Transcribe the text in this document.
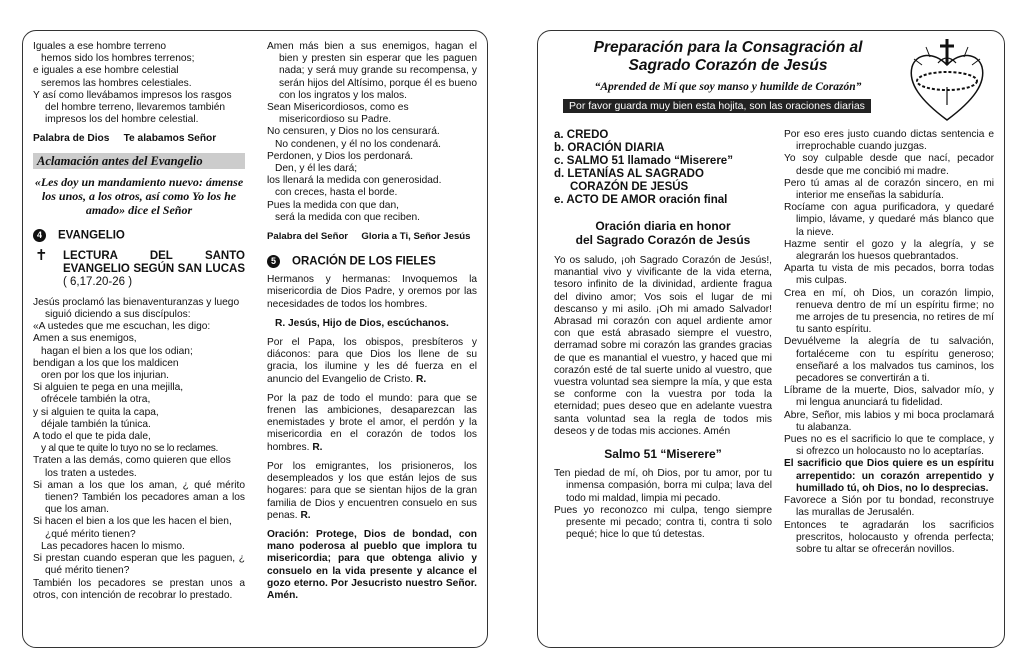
Iguales a ese hombre terreno

hemos sido los hombres terrenos;

e iguales a ese hombre celestial

seremos las hombres celestiales.

Y así como llevábamos impresos los rasgos del hombre terreno, llevaremos también impresos los del hombre celestial.

Palabra de Dios     Te alabamos Señor

Aclamación antes del Evangelio

«Les doy un mandamiento nuevo: ámense los unos, a los otros, así como Yo los he amado» dice el Señor

4 EVANGELIO
✝ LECTURA DEL SANTO EVANGELIO SEGÚN SAN LUCAS ( 6,17.20-26 )

Jesús proclamó las bienaventuranzas y luego siguió diciendo a sus discípulos:

«A ustedes que me escuchan, les digo:

Amen a sus enemigos,

hagan el bien a los que los odian;

bendigan a los que los maldicen

oren por los que los injurian.

Si alguien te pega en una mejilla,

ofrécele también la otra,

y si alguien te quita la capa,

déjale también la túnica.

A todo el que te pida dale,

y al que te quite lo tuyo no se lo reclames.

Traten a las demás, como quieren que ellos los traten a ustedes.

Si aman a los que los aman, ¿ qué mérito tienen? También los pecadores aman a los que los aman.

Si hacen el bien a los que les hacen el bien, ¿qué mérito tienen?

Las pecadores hacen lo mismo.

Si prestan cuando esperan que les paguen, ¿ qué mérito tienen?

También los pecadores se prestan unos a otros, con intención de recobrar lo prestado.

Amen más bien a sus enemigos, hagan el bien y presten sin esperar que les paguen nada; y será muy grande su recompensa, y serán hijos del Altísimo, porque él es bueno con los ingratos y los malos.

Sean Misericordiosos, como es misericordioso su Padre.

No censuren, y Dios no los censurará.

No condenen, y él no los condenará.

Perdonen, y Dios los perdonará.

Den, y él les dará;

los llenará la medida con generosidad.

con creces, hasta el borde.

Pues la medida con que dan,

será la medida con que reciben.

Palabra del Señor     Gloria a Ti, Señor Jesús

5 ORACIÓN DE LOS FIELES

Hermanos y hermanas: Invoquemos la misericordia de Dios Padre, y oremos por las necesidades de todos los hombres.

R. Jesús, Hijo de Dios, escúchanos.

Por el Papa, los obispos, presbíteros y diáconos: para que Dios los llene de su gracia, los ilumine y les dé fuerza en el anuncio del Evangelio de Cristo. R.

Por la paz de todo el mundo: para que se frenen las ambiciones, desaparezcan las enemistades y brote el amor, el perdón y la misericordia en el corazón de todos los hombres. R.

Por los emigrantes, los prisioneros, los desempleados y los que están lejos de sus hogares: para que se sientan hijos de la gran familia de Dios y encuentren consuelo en sus penas. R.

Oración: Protege, Dios de bondad, con mano poderosa al pueblo que implora tu misericordia; para que obtenga alivio y consuelo en la vida presente y alcance el gozo eterno. Por Jesucristo nuestro Señor. Amén.

Preparación para la Consagración al
Sagrado Corazón de Jesús
“Aprended de Mí que soy manso y humilde de Corazón”
Por favor guarda muy bien esta hojita, son las oraciones diarias
a. CREDO
b. ORACIÓN DIARIA
c. SALMO 51 llamado “Miserere”
d. LETANÍAS AL SAGRADO
CORAZÓN DE JESÚS
e. ACTO DE AMOR oración final
Oración diaria en honor
del Sagrado Corazón de Jesús

Yo os saludo, ¡oh Sagrado Corazón de Jesús!, manantial vivo y vivificante de la vida eterna, tesoro infinito de la divinidad, ardiente fragua del divino amor; Vos sois el lugar de mi descanso y mi asilo. ¡Oh mi amado Salvador! Abrasad mi corazón con aquel ardiente amor con que está abrasado siempre el vuestro, derramad sobre mi corazón las grandes gracias de que es manantial el vuestro, y haced que mi corazón esté de tal suerte unido al vuestro, que vuestra voluntad sea siempre la mía, y que esta se conforme con la vuestra por toda la eternidad; pues deseo que en adelante vuestra santa voluntad sea la regla de todos mis deseos y de todas mis acciones. Amén

Salmo 51 “Miserere”

Ten piedad de mí, oh Dios, por tu amor, por tu inmensa compasión, borra mi culpa; lava del todo mi maldad, limpia mi pecado.

Pues yo reconozco mi culpa, tengo siempre presente mi pecado; contra ti, contra ti solo pequé; hice lo que tú detestas.

Por eso eres justo cuando dictas sentencia e irreprochable cuando juzgas.

Yo soy culpable desde que nací, pecador desde que me concibió mi madre.

Pero tú amas al de corazón sincero, en mi interior me enseñas la sabiduría.

Rocíame con agua purificadora, y quedaré limpio, lávame, y quedaré más blanco que la nieve.

Hazme sentir el gozo y la alegría, y se alegrarán los huesos quebrantados.

Aparta tu vista de mis pecados, borra todas mis culpas.

Crea en mí, oh Dios, un corazón limpio, renueva dentro de mí un espíritu firme; no me arrojes de tu presencia, no retires de mí tu santo espíritu.

Devuélveme la alegría de tu salvación, fortaléceme con tu espíritu generoso; enseñaré a los malvados tus caminos, los pecadores se convertirán a ti.

Líbrame de la muerte, Dios, salvador mío, y mi lengua anunciará tu fidelidad.

Abre, Señor, mis labios y mi boca proclamará tu alabanza.

Pues no es el sacrificio lo que te complace, y si ofrezco un holocausto no lo aceptarías.

El sacrificio que Dios quiere es un espíritu arrepentido: un corazón arrepentido y humillado tú, oh Dios, no lo desprecias.

Favorece a Sión por tu bondad, reconstruye las murallas de Jerusalén.

Entonces te agradarán los sacrificios prescritos, holocausto y ofrenda perfecta; sobre tu altar se ofrecerán novillos.
